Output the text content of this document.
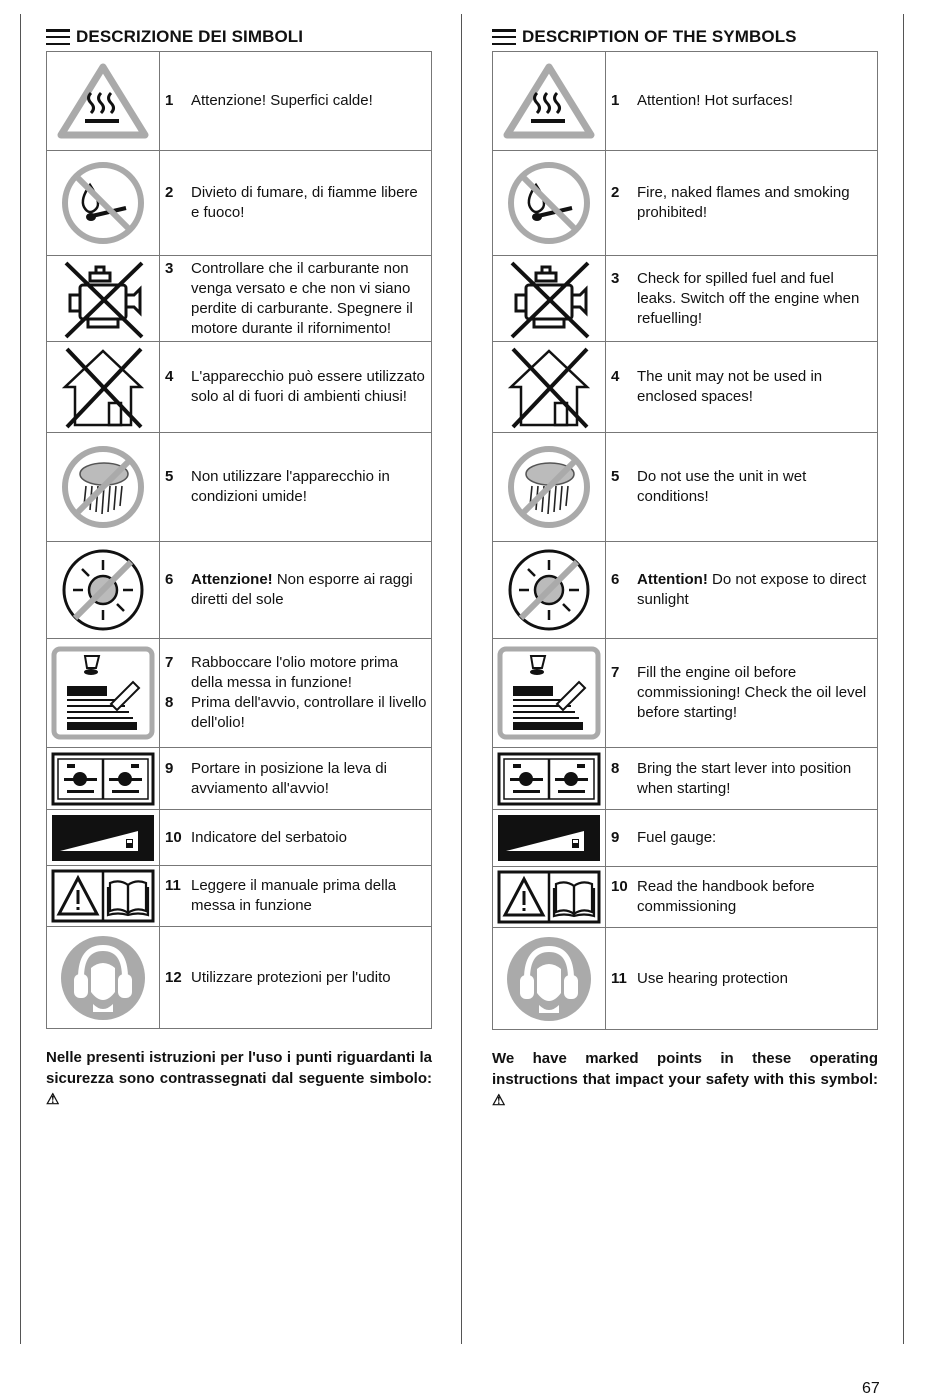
DESCRIZIONE DEI SIMBOLI

1 Attenzione! Superfici calde!

2 Divieto di fumare, di fiamme libere e fuoco!

3 Controllare che il carburante non venga versato e che non vi siano perdite di carburante. Spegnere il motore durante il rifornimento!

4 L'apparecchio può essere utilizzato solo al di fuori di ambienti chiusi!

5 Non utilizzare l'apparecchio in condizioni umide!

6 Attenzione! Non esporre ai raggi diretti del sole

7 Rabboccare l'olio motore prima della messa in funzione!
8 Prima dell'avvio, controllare il livello dell'olio!

9 Portare in posizione la leva di avviamento all'avvio!

10 Indicatore del serbatoio

11 Leggere il manuale prima della messa in funzione

12 Utilizzare protezioni per l'udito
Nelle presenti istruzioni per l'uso i punti riguardanti la sicurezza sono contrassegnati dal seguente simbolo: ⚠
DESCRIPTION OF THE SYMBOLS

1 Attention! Hot surfaces!

2 Fire, naked flames and smoking prohibited!

3 Check for spilled fuel and fuel leaks. Switch off the engine when refuelling!

4 The unit may not be used in enclosed spaces!

5 Do not use the unit in wet conditions!

6 Attention! Do not expose to direct sunlight

7 Fill the engine oil before commissioning! Check the oil level before starting!

8 Bring the start lever into position when starting!

9 Fuel gauge:

10 Read the handbook before commissioning

11 Use hearing protection
We have marked points in these operating instructions that impact your safety with this symbol: ⚠
67
